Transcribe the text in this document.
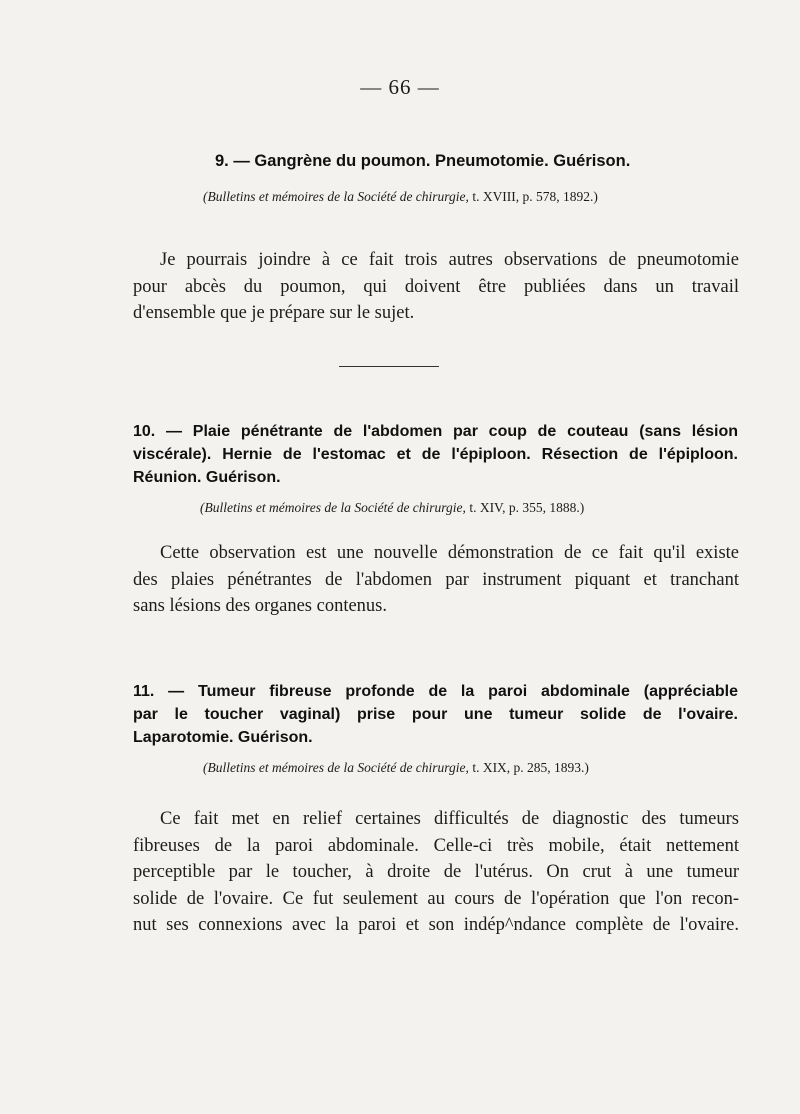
— 66 —
9. — Gangrène du poumon. Pneumotomie. Guérison.
(Bulletins et mémoires de la Société de chirurgie, t. XVIII, p. 578, 1892.)
Je pourrais joindre à ce fait trois autres observations de pneumotomie
pour abcès du poumon, qui doivent être publiées dans un travail
d'ensemble que je prépare sur le sujet.
10. — Plaie pénétrante de l'abdomen par coup de couteau (sans lésion
viscérale). Hernie de l'estomac et de l'épiploon. Résection de l'épiploon.
Réunion. Guérison.
(Bulletins et mémoires de la Société de chirurgie, t. XIV, p. 355, 1888.)
Cette observation est une nouvelle démonstration de ce fait qu'il existe
des plaies pénétrantes de l'abdomen par instrument piquant et tranchant
sans lésions des organes contenus.
11. — Tumeur fibreuse profonde de la paroi abdominale (appréciable
par le toucher vaginal) prise pour une tumeur solide de l'ovaire.
Laparotomie. Guérison.
(Bulletins et mémoires de la Société de chirurgie, t. XIX, p. 285, 1893.)
Ce fait met en relief certaines difficultés de diagnostic des tumeurs
fibreuses de la paroi abdominale. Celle-ci très mobile, était nettement
perceptible par le toucher, à droite de l'utérus. On crut à une tumeur
solide de l'ovaire. Ce fut seulement au cours de l'opération que l'on recon-
nut ses connexions avec la paroi et son indép^ndance complète de l'ovaire.
